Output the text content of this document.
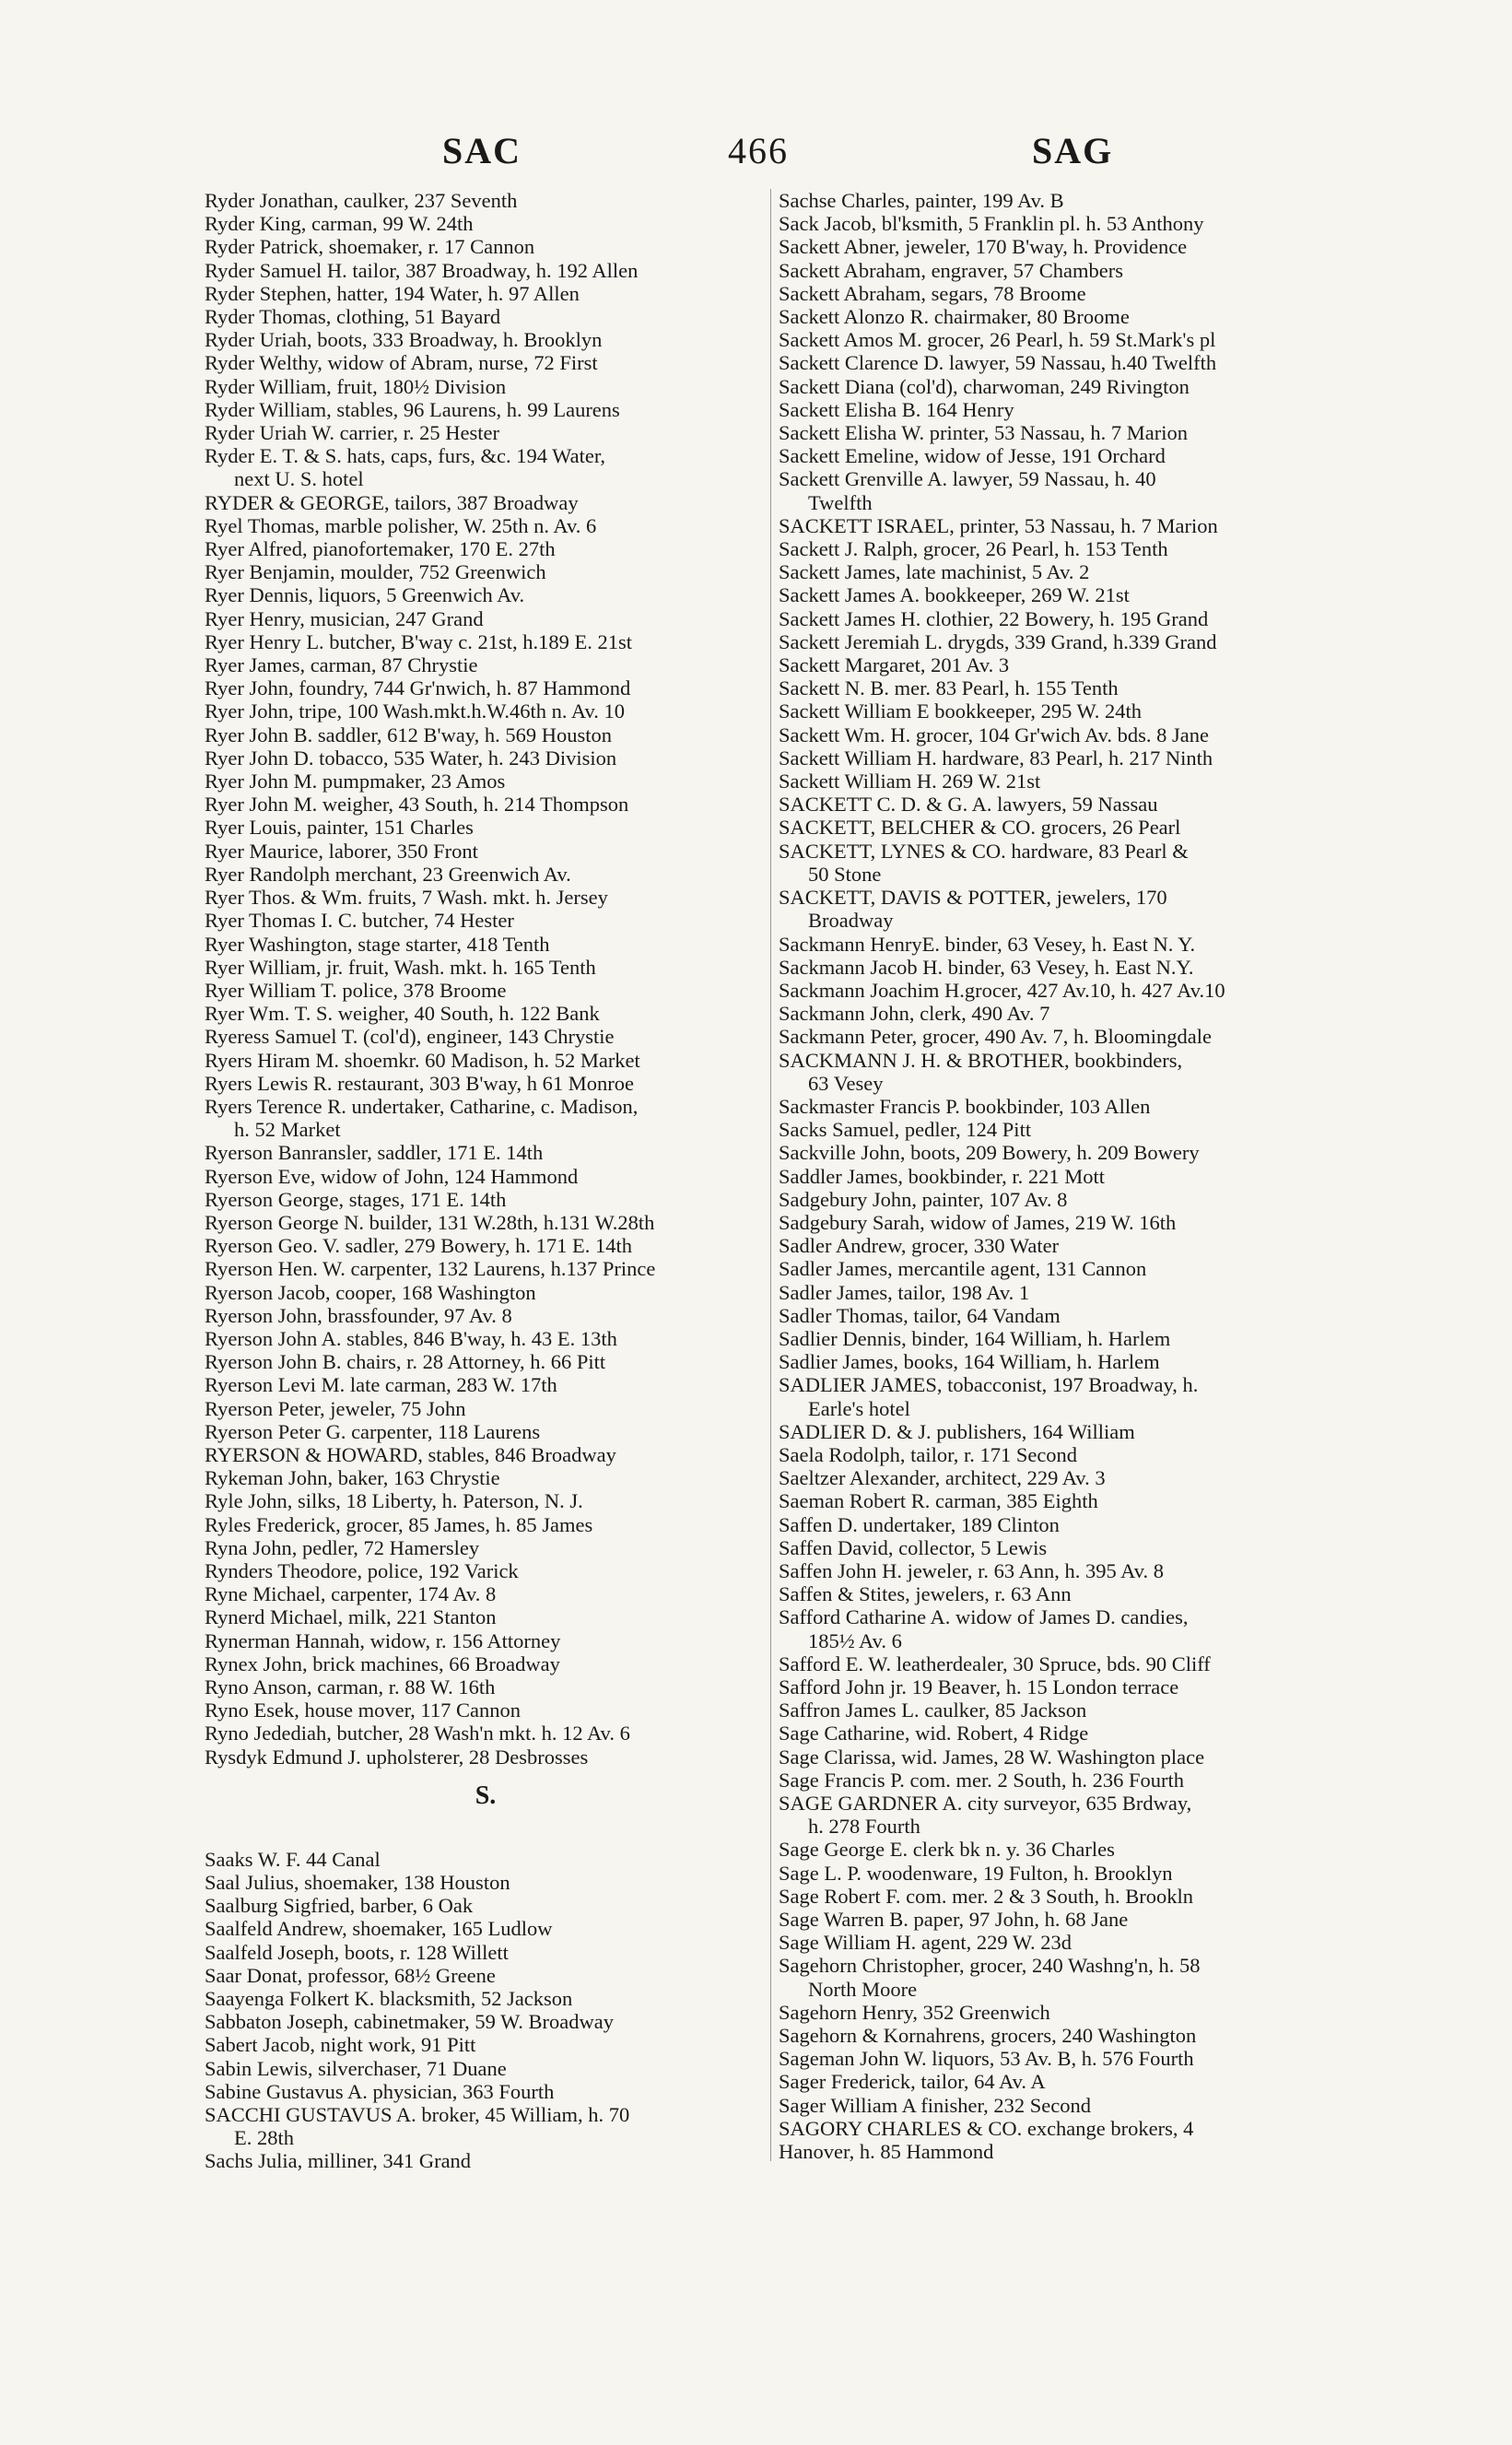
SAC	466	SAG
Ryder Jonathan, caulker, 237 Seventh
Ryder King, carman, 99 W. 24th
Ryder Patrick, shoemaker, r. 17 Cannon
Ryder Samuel H. tailor, 387 Broadway, h. 192 Allen
Ryder Stephen, hatter, 194 Water, h. 97 Allen
Ryder Thomas, clothing, 51 Bayard
Ryder Uriah, boots, 333 Broadway, h. Brooklyn
Ryder Welthy, widow of Abram, nurse, 72 First
Ryder William, fruit, 180½ Division
Ryder William, stables, 96 Laurens, h. 99 Laurens
Ryder Uriah W. carrier, r. 25 Hester
Ryder E. T. & S. hats, caps, furs, &c. 194 Water,
next U. S. hotel
RYDER & GEORGE, tailors, 387 Broadway
Ryel Thomas, marble polisher, W. 25th n. Av. 6
Ryer Alfred, pianofortemaker, 170 E. 27th
Ryer Benjamin, moulder, 752 Greenwich
Ryer Dennis, liquors, 5 Greenwich Av.
Ryer Henry, musician, 247 Grand
Ryer Henry L. butcher, B'way c. 21st, h.189 E. 21st
Ryer James, carman, 87 Chrystie
Ryer John, foundry, 744 Gr'nwich, h. 87 Hammond
Ryer John, tripe, 100 Wash.mkt.h.W.46th n. Av. 10
Ryer John B. saddler, 612 B'way, h. 569 Houston
Ryer John D. tobacco, 535 Water, h. 243 Division
Ryer John M. pumpmaker, 23 Amos
Ryer John M. weigher, 43 South, h. 214 Thompson
Ryer Louis, painter, 151 Charles
Ryer Maurice, laborer, 350 Front
Ryer Randolph merchant, 23 Greenwich Av.
Ryer Thos. & Wm. fruits, 7 Wash. mkt. h. Jersey
Ryer Thomas I. C. butcher, 74 Hester
Ryer Washington, stage starter, 418 Tenth
Ryer William, jr. fruit, Wash. mkt. h. 165 Tenth
Ryer William T. police, 378 Broome
Ryer Wm. T. S. weigher, 40 South, h. 122 Bank
Ryeress Samuel T. (col'd), engineer, 143 Chrystie
Ryers Hiram M. shoemkr. 60 Madison, h. 52 Market
Ryers Lewis R. restaurant, 303 B'way, h 61 Monroe
Ryers Terence R. undertaker, Catharine, c. Madison,
h. 52 Market
Ryerson Banransler, saddler, 171 E. 14th
Ryerson Eve, widow of John, 124 Hammond
Ryerson George, stages, 171 E. 14th
Ryerson George N. builder, 131 W.28th, h.131 W.28th
Ryerson Geo. V. sadler, 279 Bowery, h. 171 E. 14th
Ryerson Hen. W. carpenter, 132 Laurens, h.137 Prince
Ryerson Jacob, cooper, 168 Washington
Ryerson John, brassfounder, 97 Av. 8
Ryerson John A. stables, 846 B'way, h. 43 E. 13th
Ryerson John B. chairs, r. 28 Attorney, h. 66 Pitt
Ryerson Levi M. late carman, 283 W. 17th
Ryerson Peter, jeweler, 75 John
Ryerson Peter G. carpenter, 118 Laurens
RYERSON & HOWARD, stables, 846 Broadway
Rykeman John, baker, 163 Chrystie
Ryle John, silks, 18 Liberty, h. Paterson, N. J.
Ryles Frederick, grocer, 85 James, h. 85 James
Ryna John, pedler, 72 Hamersley
Rynders Theodore, police, 192 Varick
Ryne Michael, carpenter, 174 Av. 8
Rynerd Michael, milk, 221 Stanton
Rynerman Hannah, widow, r. 156 Attorney
Rynex John, brick machines, 66 Broadway
Ryno Anson, carman, r. 88 W. 16th
Ryno Esek, house mover, 117 Cannon
Ryno Jedediah, butcher, 28 Wash'n mkt. h. 12 Av. 6
Rysdyk Edmund J. upholsterer, 28 Desbrosses
S.
Saaks W. F. 44 Canal
Saal Julius, shoemaker, 138 Houston
Saalburg Sigfried, barber, 6 Oak
Saalfeld Andrew, shoemaker, 165 Ludlow
Saalfeld Joseph, boots, r. 128 Willett
Saar Donat, professor, 68½ Greene
Saayenga Folkert K. blacksmith, 52 Jackson
Sabbaton Joseph, cabinetmaker, 59 W. Broadway
Sabert Jacob, night work, 91 Pitt
Sabin Lewis, silverchaser, 71 Duane
Sabine Gustavus A. physician, 363 Fourth
SACCHI GUSTAVUS A. broker, 45 William, h. 70
E. 28th
Sachs Julia, milliner, 341 Grand
Sachse Charles, painter, 199 Av. B
Sack Jacob, bl'ksmith, 5 Franklin pl. h. 53 Anthony
Sackett Abner, jeweler, 170 B'way, h. Providence
Sackett Abraham, engraver, 57 Chambers
Sackett Abraham, segars, 78 Broome
Sackett Alonzo R. chairmaker, 80 Broome
Sackett Amos M. grocer, 26 Pearl, h. 59 St.Mark's pl
Sackett Clarence D. lawyer, 59 Nassau, h.40 Twelfth
Sackett Diana (col'd), charwoman, 249 Rivington
Sackett Elisha B. 164 Henry
Sackett Elisha W. printer, 53 Nassau, h. 7 Marion
Sackett Emeline, widow of Jesse, 191 Orchard
Sackett Grenville A. lawyer, 59 Nassau, h. 40
Twelfth
SACKETT ISRAEL, printer, 53 Nassau, h. 7 Marion
Sackett J. Ralph, grocer, 26 Pearl, h. 153 Tenth
Sackett James, late machinist, 5 Av. 2
Sackett James A. bookkeeper, 269 W. 21st
Sackett James H. clothier, 22 Bowery, h. 195 Grand
Sackett Jeremiah L. drygds, 339 Grand, h.339 Grand
Sackett Margaret, 201 Av. 3
Sackett N. B. mer. 83 Pearl, h. 155 Tenth
Sackett William E bookkeeper, 295 W. 24th
Sackett Wm. H. grocer, 104 Gr'wich Av. bds. 8 Jane
Sackett William H. hardware, 83 Pearl, h. 217 Ninth
Sackett William H. 269 W. 21st
SACKETT C. D. & G. A. lawyers, 59 Nassau
SACKETT, BELCHER & CO. grocers, 26 Pearl
SACKETT, LYNES & CO. hardware, 83 Pearl &
50 Stone
SACKETT, DAVIS & POTTER, jewelers, 170
Broadway
Sackmann HenryE. binder, 63 Vesey, h. East N. Y.
Sackmann Jacob H. binder, 63 Vesey, h. East N.Y.
Sackmann Joachim H.grocer, 427 Av.10, h. 427 Av.10
Sackmann John, clerk, 490 Av. 7
Sackmann Peter, grocer, 490 Av. 7, h. Bloomingdale
SACKMANN J. H. & BROTHER, bookbinders,
63 Vesey
Sackmaster Francis P. bookbinder, 103 Allen
Sacks Samuel, pedler, 124 Pitt
Sackville John, boots, 209 Bowery, h. 209 Bowery
Saddler James, bookbinder, r. 221 Mott
Sadgebury John, painter, 107 Av. 8
Sadgebury Sarah, widow of James, 219 W. 16th
Sadler Andrew, grocer, 330 Water
Sadler James, mercantile agent, 131 Cannon
Sadler James, tailor, 198 Av. 1
Sadler Thomas, tailor, 64 Vandam
Sadlier Dennis, binder, 164 William, h. Harlem
Sadlier James, books, 164 William, h. Harlem
SADLIER JAMES, tobacconist, 197 Broadway, h.
Earle's hotel
SADLIER D. & J. publishers, 164 William
Saela Rodolph, tailor, r. 171 Second
Saeltzer Alexander, architect, 229 Av. 3
Saeman Robert R. carman, 385 Eighth
Saffen D. undertaker, 189 Clinton
Saffen David, collector, 5 Lewis
Saffen John H. jeweler, r. 63 Ann, h. 395 Av. 8
Saffen & Stites, jewelers, r. 63 Ann
Safford Catharine A. widow of James D. candies,
185½ Av. 6
Safford E. W. leatherdealer, 30 Spruce, bds. 90 Cliff
Safford John jr. 19 Beaver, h. 15 London terrace
Saffron James L. caulker, 85 Jackson
Sage Catharine, wid. Robert, 4 Ridge
Sage Clarissa, wid. James, 28 W. Washington place
Sage Francis P. com. mer. 2 South, h. 236 Fourth
SAGE GARDNER A. city surveyor, 635 Brdway,
h. 278 Fourth
Sage George E. clerk bk n. y. 36 Charles
Sage L. P. woodenware, 19 Fulton, h. Brooklyn
Sage Robert F. com. mer. 2 & 3 South, h. Brookln
Sage Warren B. paper, 97 John, h. 68 Jane
Sage William H. agent, 229 W. 23d
Sagehorn Christopher, grocer, 240 Washng'n, h. 58
North Moore
Sagehorn Henry, 352 Greenwich
Sagehorn & Kornahrens, grocers, 240 Washington
Sageman John W. liquors, 53 Av. B, h. 576 Fourth
Sager Frederick, tailor, 64 Av. A
Sager William A finisher, 232 Second
SAGORY CHARLES & CO. exchange brokers, 4
Hanover, h. 85 Hammond
